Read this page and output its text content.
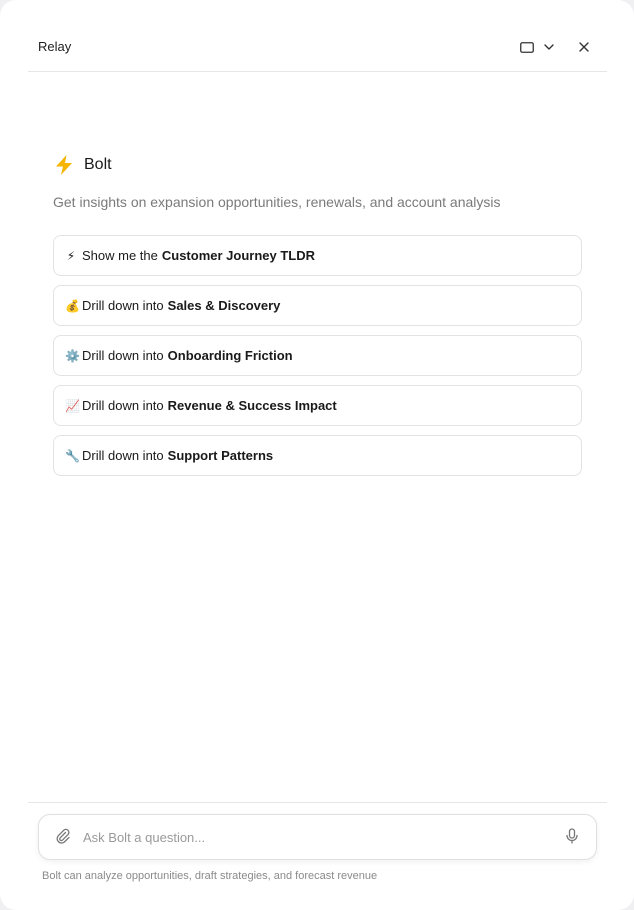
Relay
Bolt
Get insights on expansion opportunities, renewals, and account analysis
⚡ Show me the Customer Journey TLDR
💰 Drill down into Sales & Discovery
⚙️ Drill down into Onboarding Friction
📈 Drill down into Revenue & Success Impact
🔧 Drill down into Support Patterns
Ask Bolt a question...
Bolt can analyze opportunities, draft strategies, and forecast revenue
